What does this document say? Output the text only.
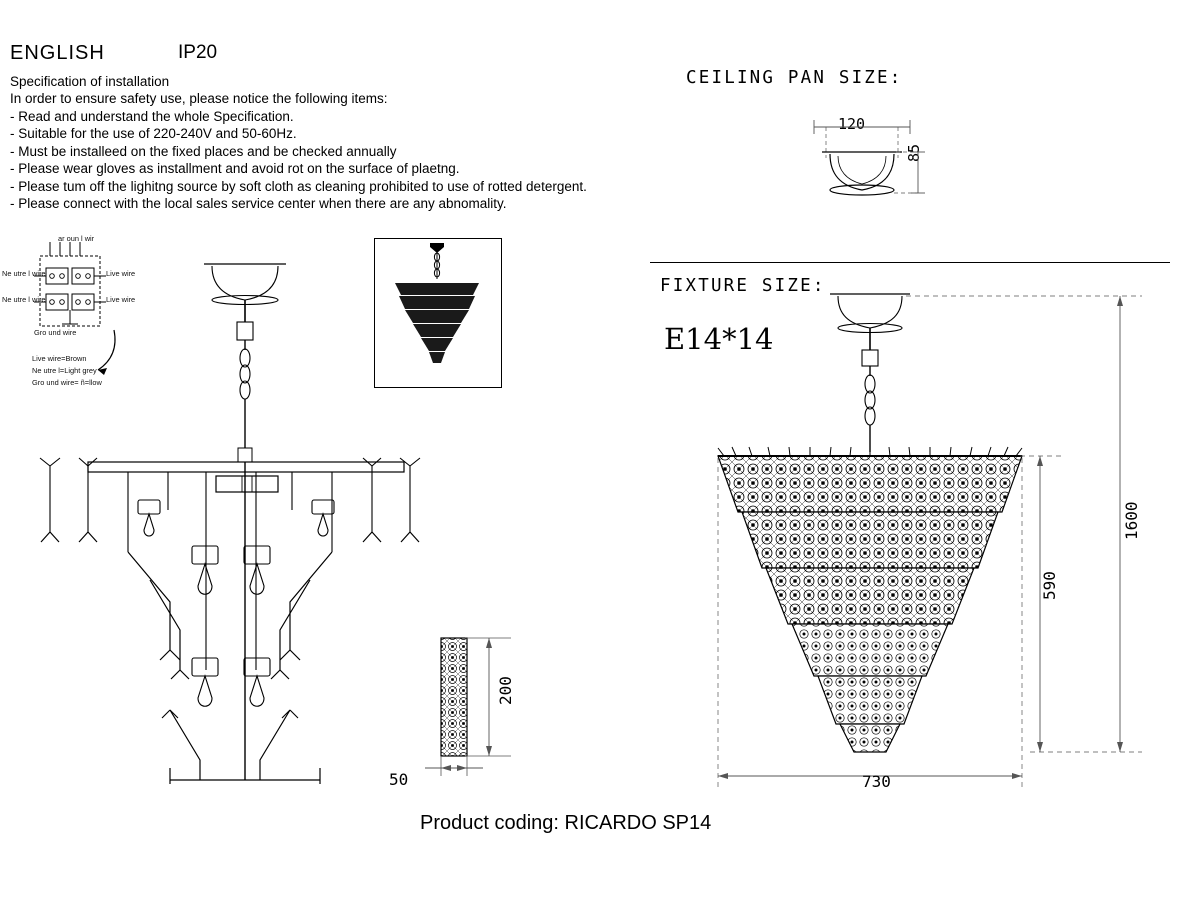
ENGLISH	IP20
Specification of installation
In order to ensure safety use, please notice the following items:
- Read and understand the whole Specification.
- Suitable for the use of 220-240V and 50-60Hz.
- Must be installeed on the fixed places and be checked annually
- Please wear gloves as installment and avoid rot on the surface of plaetng.
- Please tum off the lighitng source by soft cloth as cleaning prohibited to use of rotted detergent.
- Please connect with the local sales service center when there are any abnomality.
ar oun l wir
Ne utre l wire	Live wire
Ne utre l wire	Live wire
Gro und wire
Live wire=Brown
Ne utre l=Light grey
Gro und wire= ñ=llow
CEILING PAN SIZE:
120
85
FIXTURE SIZE:
E14*14
1600
590
730
200
50
Product coding: RICARDO SP14
